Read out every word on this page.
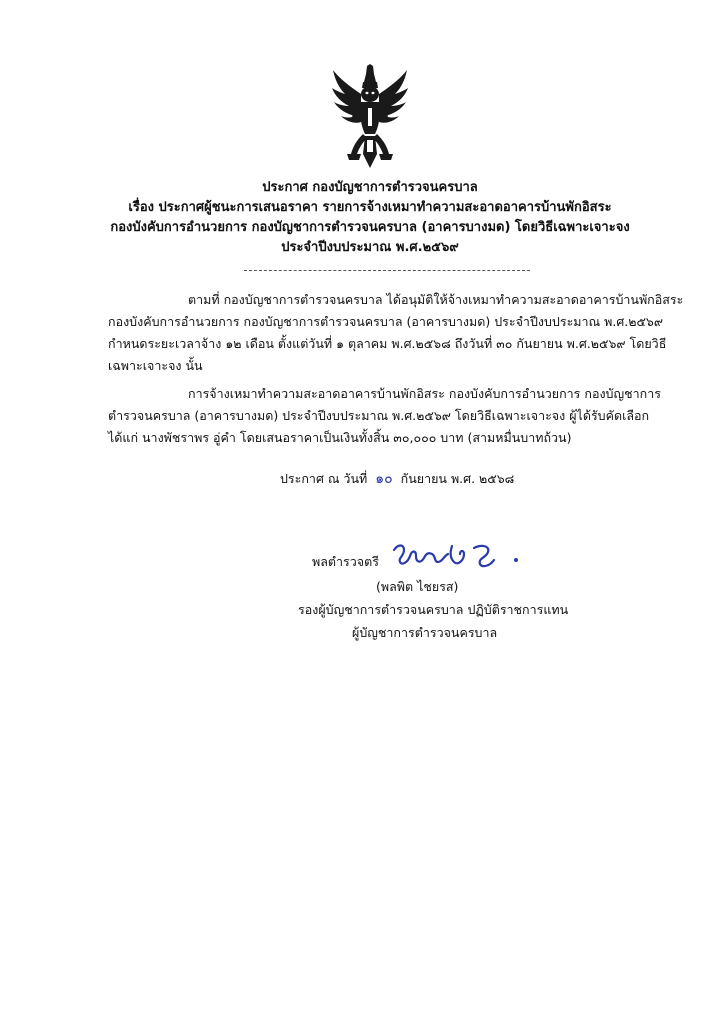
ประกาศ กองบัญชาการตำรวจนครบาล
เรื่อง ประกาศผู้ชนะการเสนอราคา รายการจ้างเหมาทำความสะอาดอาคารบ้านพักอิสระ
กองบังคับการอำนวยการ กองบัญชาการตำรวจนครบาล (อาคารบางมด) โดยวิธีเฉพาะเจาะจง
ประจำปีงบประมาณ พ.ศ.๒๕๖๙
ตามที่ กองบัญชาการตำรวจนครบาล ได้อนุมัติให้จ้างเหมาทำความสะอาดอาคารบ้านพักอิสระ
กองบังคับการอำนวยการ กองบัญชาการตำรวจนครบาล (อาคารบางมด) ประจำปีงบประมาณ พ.ศ.๒๕๖๙
กำหนดระยะเวลาจ้าง ๑๒ เดือน ตั้งแต่วันที่ ๑ ตุลาคม พ.ศ.๒๕๖๘ ถึงวันที่ ๓๐ กันยายน พ.ศ.๒๕๖๙ โดยวิธี
เฉพาะเจาะจง นั้น
การจ้างเหมาทำความสะอาดอาคารบ้านพักอิสระ กองบังคับการอำนวยการ กองบัญชาการ
ตำรวจนครบาล (อาคารบางมด) ประจำปีงบประมาณ พ.ศ.๒๕๖๙ โดยวิธีเฉพาะเจาะจง ผู้ได้รับคัดเลือก
ได้แก่ นางพัชราพร อู่คำ โดยเสนอราคาเป็นเงินทั้งสิ้น ๓๐,๐๐๐ บาท (สามหมื่นบาทถ้วน)
ประกาศ ณ วันที่ ๑๐ กันยายน พ.ศ. ๒๕๖๘
พลตำรวจตรี
(พลพิต ไชยรส)
รองผู้บัญชาการตำรวจนครบาล ปฏิบัติราชการแทน
ผู้บัญชาการตำรวจนครบาล
